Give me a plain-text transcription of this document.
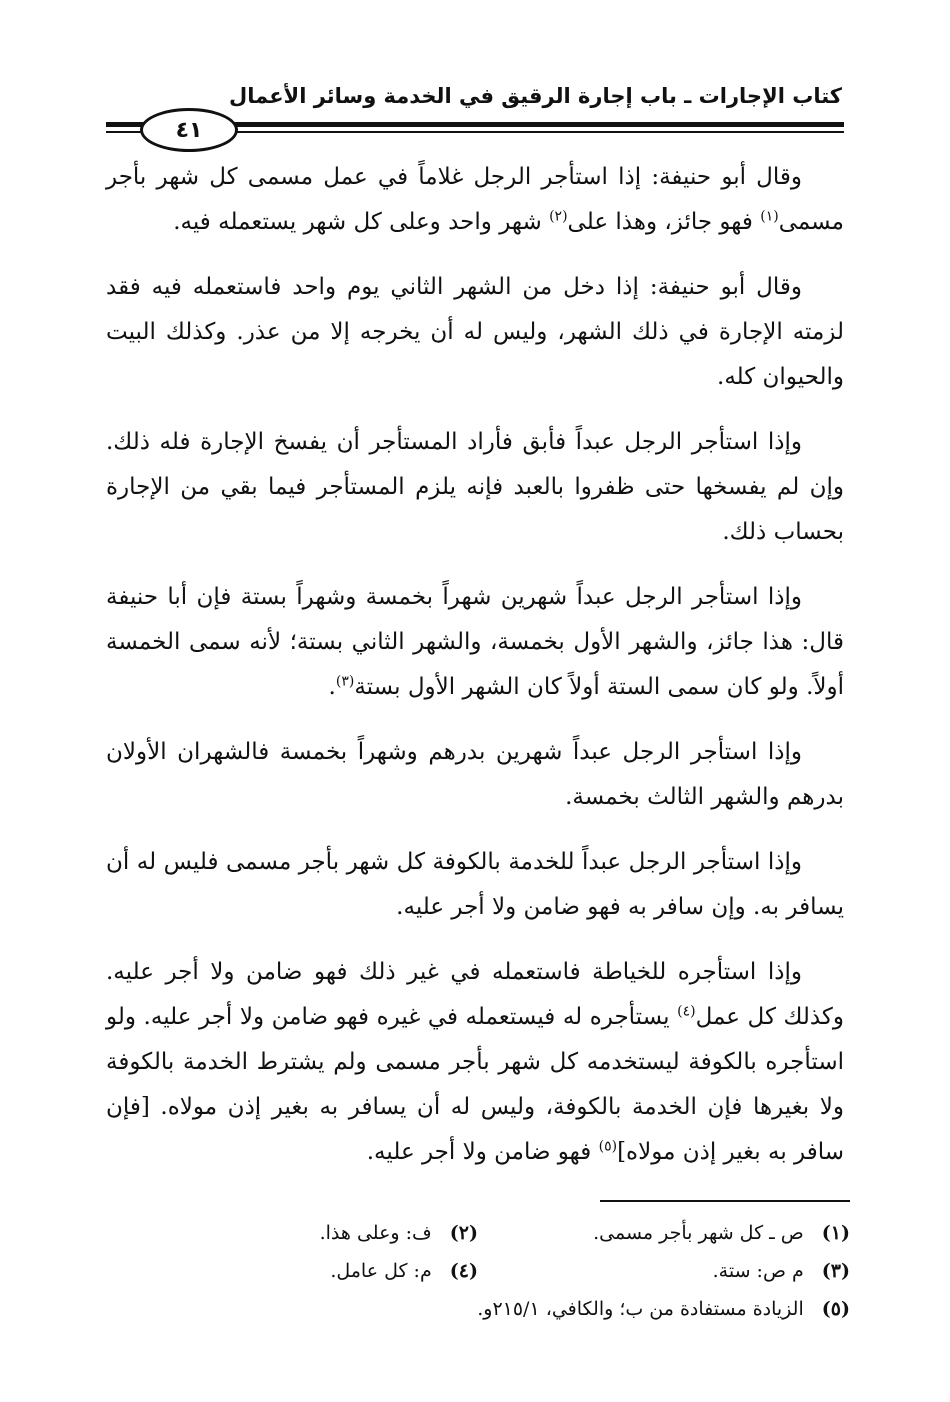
كتاب الإجارات ـ باب إجارة الرقيق في الخدمة وسائر الأعمال
٤١

وقال أبو حنيفة: إذا استأجر الرجل غلاماً في عمل مسمى كل شهر بأجر مسمى$^{(١)}$ فهو جائز، وهذا على$^{(٢)}$ شهر واحد وعلى كل شهر يستعمله فيه.

وقال أبو حنيفة: إذا دخل من الشهر الثاني يوم واحد فاستعمله فيه فقد لزمته الإجارة في ذلك الشهر، وليس له أن يخرجه إلا من عذر. وكذلك البيت والحيوان كله.

وإذا استأجر الرجل عبداً فأبق فأراد المستأجر أن يفسخ الإجارة فله ذلك. وإن لم يفسخها حتى ظفروا بالعبد فإنه يلزم المستأجر فيما بقي من الإجارة بحساب ذلك.

وإذا استأجر الرجل عبداً شهرين شهراً بخمسة وشهراً بستة فإن أبا حنيفة قال: هذا جائز، والشهر الأول بخمسة، والشهر الثاني بستة؛ لأنه سمى الخمسة أولاً. ولو كان سمى الستة أولاً كان الشهر الأول بستة$^{(٣)}$.

وإذا استأجر الرجل عبداً شهرين بدرهم وشهراً بخمسة فالشهران الأولان بدرهم والشهر الثالث بخمسة.

وإذا استأجر الرجل عبداً للخدمة بالكوفة كل شهر بأجر مسمى فليس له أن يسافر به. وإن سافر به فهو ضامن ولا أجر عليه.

وإذا استأجره للخياطة فاستعمله في غير ذلك فهو ضامن ولا أجر عليه. وكذلك كل عمل$^{(٤)}$ يستأجره له فيستعمله في غيره فهو ضامن ولا أجر عليه. ولو استأجره بالكوفة ليستخدمه كل شهر بأجر مسمى ولم يشترط الخدمة بالكوفة ولا بغيرها فإن الخدمة بالكوفة، وليس له أن يسافر به بغير إذن مولاه. [فإن سافر به بغير إذن مولاه]$^{(٥)}$ فهو ضامن ولا أجر عليه.

(١) ص ـ كل شهر بأجر مسمى.
(٢) ف: وعلى هذا.
(٣) م ص: ستة.
(٤) م: كل عامل.
(٥) الزيادة مستفادة من ب؛ والكافي، ٢١٥/١و.
